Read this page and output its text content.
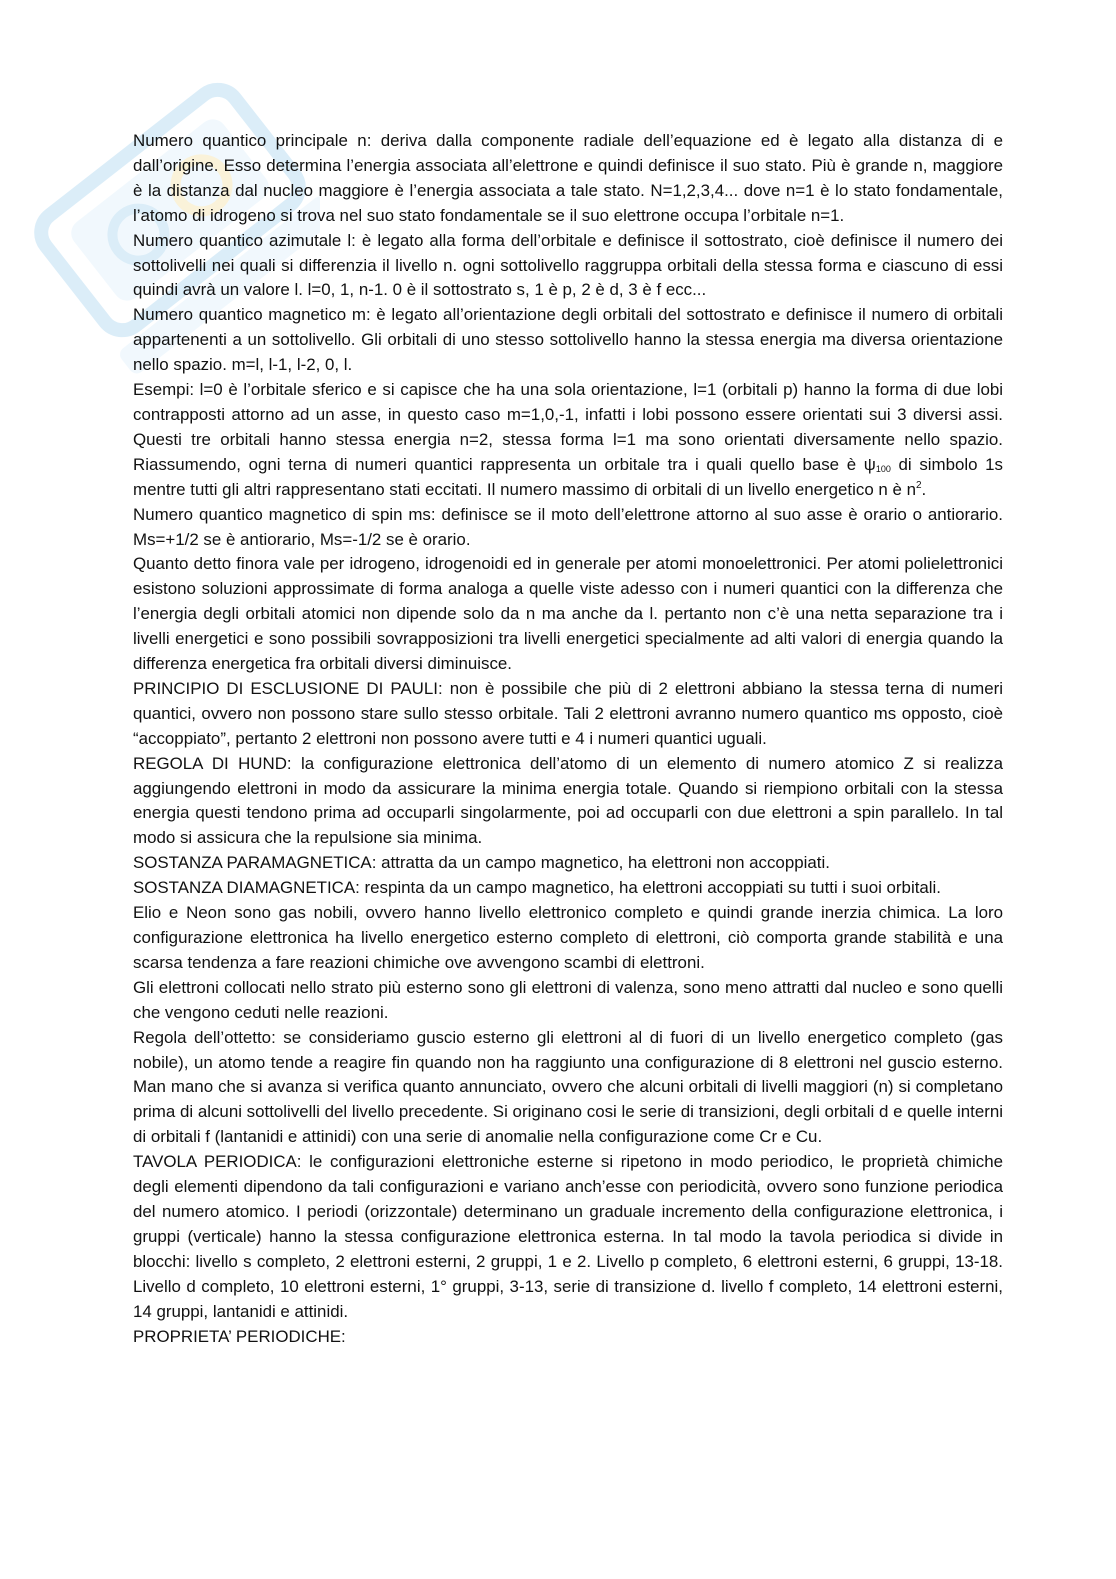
Numero quantico principale n: deriva dalla componente radiale dell’equazione ed è legato alla distanza di e dall’origine. Esso determina l’energia associata all’elettrone e quindi definisce il suo stato. Più è grande n, maggiore è la distanza dal nucleo maggiore è l’energia associata a tale stato. N=1,2,3,4... dove n=1 è lo stato fondamentale, l’atomo di idrogeno si trova nel suo stato fondamentale se il suo elettrone occupa l’orbitale n=1.

Numero quantico azimutale l: è legato alla forma dell’orbitale e definisce il sottostrato, cioè definisce il numero dei sottolivelli nei quali si differenzia il livello n. ogni sottolivello raggruppa orbitali della stessa forma e ciascuno di essi quindi avrà un valore l. l=0, 1, n-1. 0 è il sottostrato s, 1 è p, 2 è d, 3 è f ecc...

Numero quantico magnetico m: è legato all’orientazione degli orbitali del sottostrato e definisce il numero di orbitali appartenenti a un sottolivello. Gli orbitali di uno stesso sottolivello hanno la stessa energia ma diversa orientazione nello spazio. m=l, l-1, l-2, 0, l.

Esempi: l=0 è l’orbitale sferico e si capisce che ha una sola orientazione, l=1 (orbitali p) hanno la forma di due lobi contrapposti attorno ad un asse, in questo caso m=1,0,-1, infatti i lobi possono essere orientati sui 3 diversi assi. Questi tre orbitali hanno stessa energia n=2, stessa forma l=1 ma sono orientati diversamente nello spazio. Riassumendo, ogni terna di numeri quantici rappresenta un orbitale tra i quali quello base è $\psi_{100}$ di simbolo 1s mentre tutti gli altri rappresentano stati eccitati. Il numero massimo di orbitali di un livello energetico n è $n^2$.

Numero quantico magnetico di spin ms: definisce se il moto dell’elettrone attorno al suo asse è orario o antiorario. Ms=+1/2 se è antiorario, Ms=-1/2 se è orario.

Quanto detto finora vale per idrogeno, idrogenoidi ed in generale per atomi monoelettronici. Per atomi polielettronici esistono soluzioni approssimate di forma analoga a quelle viste adesso con i numeri quantici con la differenza che l’energia degli orbitali atomici non dipende solo da n ma anche da l. pertanto non c’è una netta separazione tra i livelli energetici e sono possibili sovrapposizioni tra livelli energetici specialmente ad alti valori di energia quando la differenza energetica fra orbitali diversi diminuisce.

PRINCIPIO DI ESCLUSIONE DI PAULI: non è possibile che più di 2 elettroni abbiano la stessa terna di numeri quantici, ovvero non possono stare sullo stesso orbitale. Tali 2 elettroni avranno numero quantico ms opposto, cioè “accoppiato”, pertanto 2 elettroni non possono avere tutti e 4 i numeri quantici uguali.

REGOLA DI HUND: la configurazione elettronica dell’atomo di un elemento di numero atomico Z si realizza aggiungendo elettroni in modo da assicurare la minima energia totale. Quando si riempiono orbitali con la stessa energia questi tendono prima ad occuparli singolarmente, poi ad occuparli con due elettroni a spin parallelo. In tal modo si assicura che la repulsione sia minima.

SOSTANZA PARAMAGNETICA: attratta da un campo magnetico, ha elettroni non accoppiati.

SOSTANZA DIAMAGNETICA: respinta da un campo magnetico, ha elettroni accoppiati su tutti i suoi orbitali.

Elio e Neon sono gas nobili, ovvero hanno livello elettronico completo e quindi grande inerzia chimica. La loro configurazione elettronica ha livello energetico esterno completo di elettroni, ciò comporta grande stabilità e una scarsa tendenza a fare reazioni chimiche ove avvengono scambi di elettroni.

Gli elettroni collocati nello strato più esterno sono gli elettroni di valenza, sono meno attratti dal nucleo e sono quelli che vengono ceduti nelle reazioni.

Regola dell’ottetto: se consideriamo guscio esterno gli elettroni al di fuori di un livello energetico completo (gas nobile), un atomo tende a reagire fin quando non ha raggiunto una configurazione di 8 elettroni nel guscio esterno. Man mano che si avanza si verifica quanto annunciato, ovvero che alcuni orbitali di livelli maggiori (n) si completano prima di alcuni sottolivelli del livello precedente. Si originano cosi le serie di transizioni, degli orbitali d e quelle interni di orbitali f (lantanidi e attinidi) con una serie di anomalie nella configurazione come Cr e Cu.

TAVOLA PERIODICA: le configurazioni elettroniche esterne si ripetono in modo periodico, le proprietà chimiche degli elementi dipendono da tali configurazioni e variano anch’esse con periodicità, ovvero sono funzione periodica del numero atomico. I periodi (orizzontale) determinano un graduale incremento della configurazione elettronica, i gruppi (verticale) hanno la stessa configurazione elettronica esterna. In tal modo la tavola periodica si divide in blocchi: livello s completo, 2 elettroni esterni, 2 gruppi, 1 e 2. Livello p completo, 6 elettroni esterni, 6 gruppi, 13-18. Livello d completo, 10 elettroni esterni, 1° gruppi, 3-13, serie di transizione d. livello f completo, 14 elettroni esterni, 14 gruppi, lantanidi e attinidi.

PROPRIETA’ PERIODICHE:
